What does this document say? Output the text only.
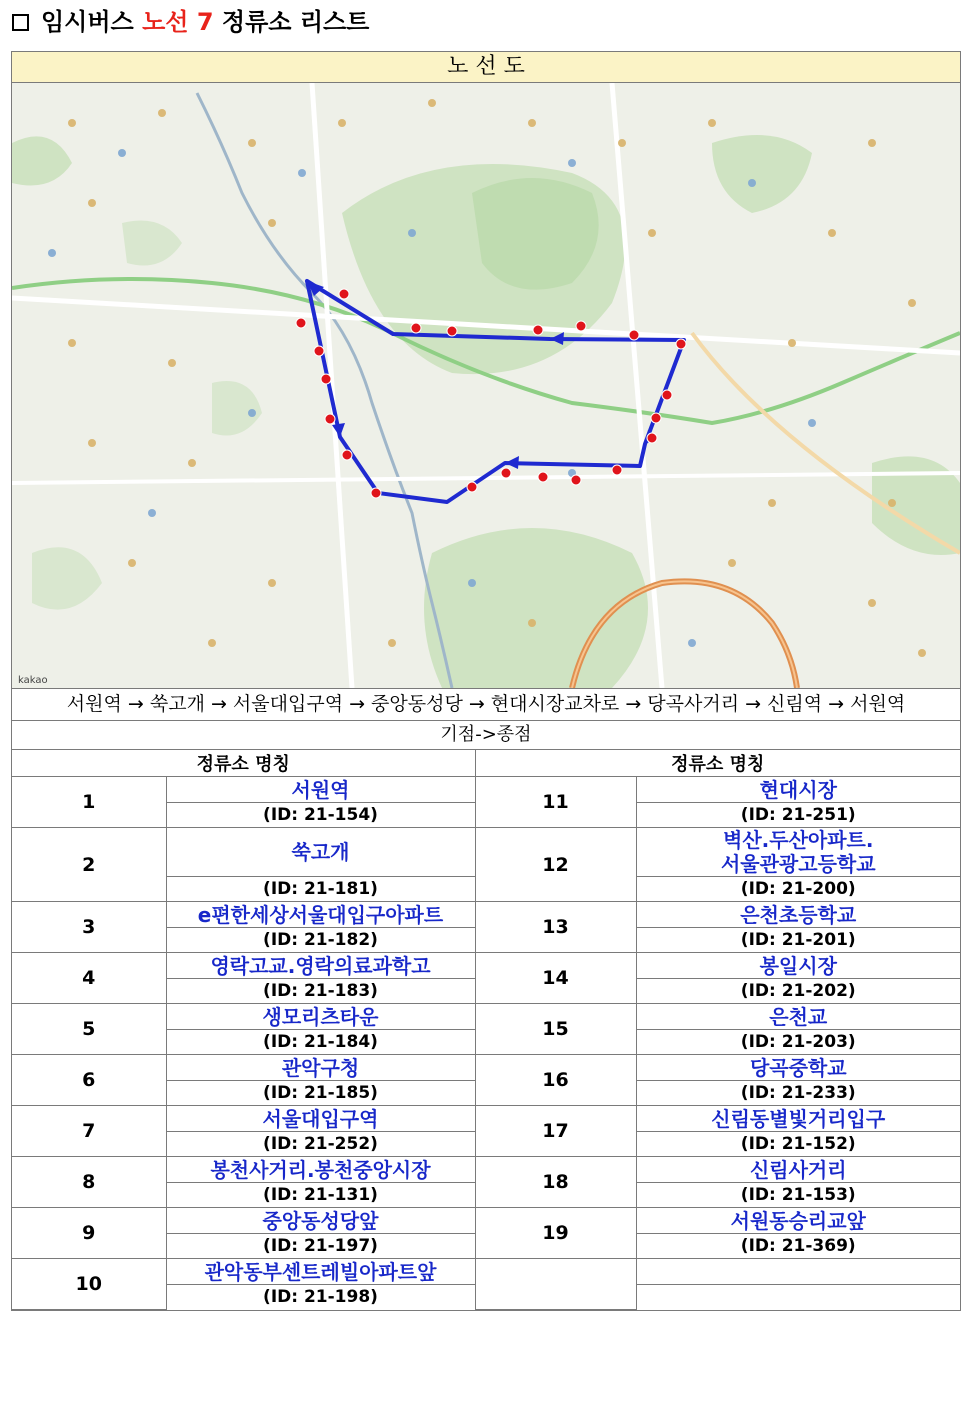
임시버스 노선 7 정류소 리스트
노 선 도
kakao
서원역 → 쑥고개 → 서울대입구역 → 중앙동성당 → 현대시장교차로 → 당곡사거리 → 신림역 → 서원역
기점->종점
정류소 명칭		정류소 명칭	
1	서원역	11	현대시장
	(ID: 21-154)		(ID: 21-251)
2	쑥고개	12	벽산.두산아파트.
서울관광고등학교
	(ID: 21-181)		(ID: 21-200)
3	e편한세상서울대입구아파트	13	은천초등학교
	(ID: 21-182)		(ID: 21-201)
4	영락고교.영락의료과학고	14	봉일시장
	(ID: 21-183)		(ID: 21-202)
5	생모리츠타운	15	은천교
	(ID: 21-184)		(ID: 21-203)
6	관악구청	16	당곡중학교
	(ID: 21-185)		(ID: 21-233)
7	서울대입구역	17	신림동별빛거리입구
	(ID: 21-252)		(ID: 21-152)
8	봉천사거리.봉천중앙시장	18	신림사거리
	(ID: 21-131)		(ID: 21-153)
9	중앙동성당앞	19	서원동승리교앞
	(ID: 21-197)		(ID: 21-369)
10	관악동부센트레빌아파트앞		
	(ID: 21-198)		
